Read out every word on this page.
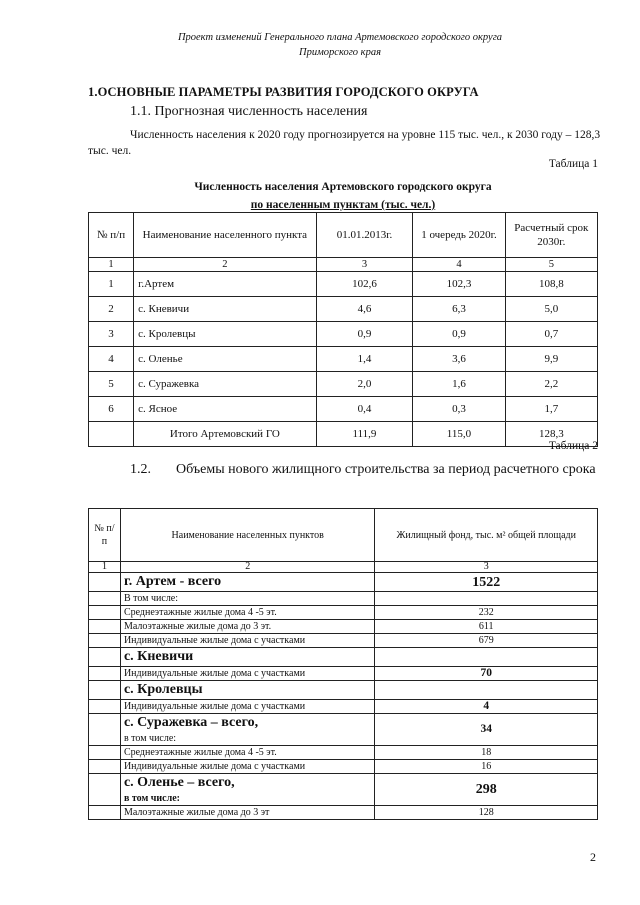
Проект изменений Генерального плана Артемовского городского округа
Приморского края
1.ОСНОВНЫЕ ПАРАМЕТРЫ РАЗВИТИЯ ГОРОДСКОГО ОКРУГА
1.1. Прогнозная численность населения
Численность населения к 2020 году прогнозируется на уровне 115 тыс. чел., к 2030 году – 128,3 тыс. чел.
Таблица 1
Численность населения Артемовского городского округа
по населенным пунктам (тыс. чел.)
№ п/п	Наименование населенного пункта	01.01.2013г.	1 очередь 2020г.	Расчетный срок 2030г.
1	2	3	4	5
1	г.Артем	102,6	102,3	108,8
2	с. Кневичи	4,6	6,3	5,0
3	с. Кролевцы	0,9	0,9	0,7
4	с. Оленье	1,4	3,6	9,9
5	с. Суражевка	2,0	1,6	2,2
6	с. Ясное	0,4	0,3	1,7
	Итого Артемовский ГО	111,9	115,0	128,3
Таблица 2
1.2. Объемы нового жилищного строительства за период расчетного срока
№ п/п	Наименование населенных пунктов	Жилищный фонд, тыс. м² общей площади
1	2	3
	г. Артем - всего	1522
	В том числе:	
	Среднеэтажные жилые дома 4 -5 эт.	232
	Малоэтажные жилые дома до 3 эт.	611
	Индивидуальные жилые дома с участками	679
	с. Кневичи	
	Индивидуальные жилые дома с участками	70
	с. Кролевцы	
	Индивидуальные жилые дома с участками	4

	с. Суражевка – всего,
в том числе:	34
	Среднеэтажные жилые дома 4 -5 эт.	18
	Индивидуальные жилые дома с участками	16

	с. Оленье – всего,
в том числе:	298
	Малоэтажные жилые дома до 3 эт	128
2
